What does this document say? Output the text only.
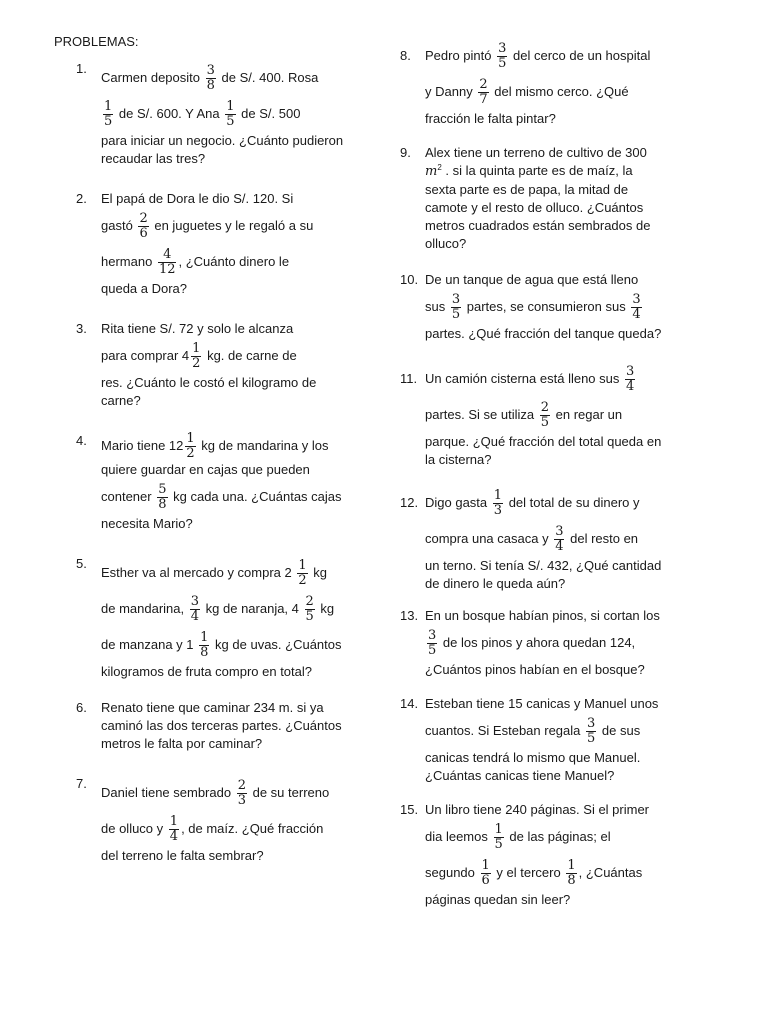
PROBLEMAS:
1.
Carmen deposito $\frac{3}{8}$ de S/. 400. Rosa
$\frac{1}{5}$ de S/. 600. Y Ana $\frac{1}{5}$ de S/. 500
para iniciar un negocio. ¿Cuánto pudieron recaudar las tres?
2. El papá de Dora le dio S/. 120. Si
gastó $\frac{2}{6}$ en juguetes y le regaló a su
hermano $\frac{4}{12}$ , ¿Cuánto dinero le
queda a Dora?
3. Rita tiene S/. 72 y solo le alcanza
para comprar $4 \frac{1}{2}$ kg. de carne de
res. ¿Cuánto le costó el kilogramo de carne?
4. Mario tiene $12 \frac{1}{2}$ kg de mandarina y los quiere guardar en cajas que pueden
contener $\frac{5}{8}$ kg cada una. ¿Cuántas cajas
necesita Mario?
5.
Esther va al mercado y compra $2 \frac{1}{2}$ kg
de mandarina, $\frac{3}{4}$ kg de naranja, $4 \frac{2}{5}$ kg
de manzana y $1 \frac{1}{8}$ kg de uvas. ¿Cuántos
kilogramos de fruta compro en total?
6. Renato tiene que caminar 234 m. si ya caminó las dos terceras partes. ¿Cuántos metros le falta por caminar?
7.
Daniel tiene sembrado $\frac{2}{3}$ de su terreno
de olluco y $\frac{1}{4}$ , de maíz. ¿Qué fracción
del terreno le falta sembrar?
8. Pedro pintó $\frac{3}{5}$ del cerco de un hospital
y Danny $\frac{2}{7}$ del mismo cerco. ¿Qué
fracción le falta pintar?
9. Alex tiene un terreno de cultivo de 300
$m^2$ . si la quinta parte es de maíz, la sexta parte es de papa, la mitad de camote y el resto de olluco. ¿Cuántos metros cuadrados están sembrados de olluco?
10. De un tanque de agua que está lleno
sus $\frac{3}{5}$ partes, se consumieron sus $\frac{3}{4}$
partes. ¿Qué fracción del tanque queda?
11. Un camión cisterna está lleno sus $\frac{3}{4}$
partes. Si se utiliza $\frac{2}{5}$ en regar un
parque. ¿Qué fracción del total queda en la cisterna?
12. Digo gasta $\frac{1}{3}$ del total de su dinero y
compra una casaca y $\frac{3}{4}$ del resto en
un terno. Si tenía S/. 432, ¿Qué cantidad de dinero le queda aún?
13. En un bosque habían pinos, si cortan los
$\frac{3}{5}$ de los pinos y ahora quedan 124,
¿Cuántos pinos habían en el bosque?
14. Esteban tiene 15 canicas y Manuel unos
cuantos. Si Esteban regala $\frac{3}{5}$ de sus
canicas tendrá lo mismo que Manuel. ¿Cuántas canicas tiene Manuel?
15. Un libro tiene 240 páginas. Si el primer
dia leemos $\frac{1}{5}$ de las páginas; el
segundo $\frac{1}{6}$ y el tercero $\frac{1}{8}$ , ¿Cuántas
páginas quedan sin leer?
